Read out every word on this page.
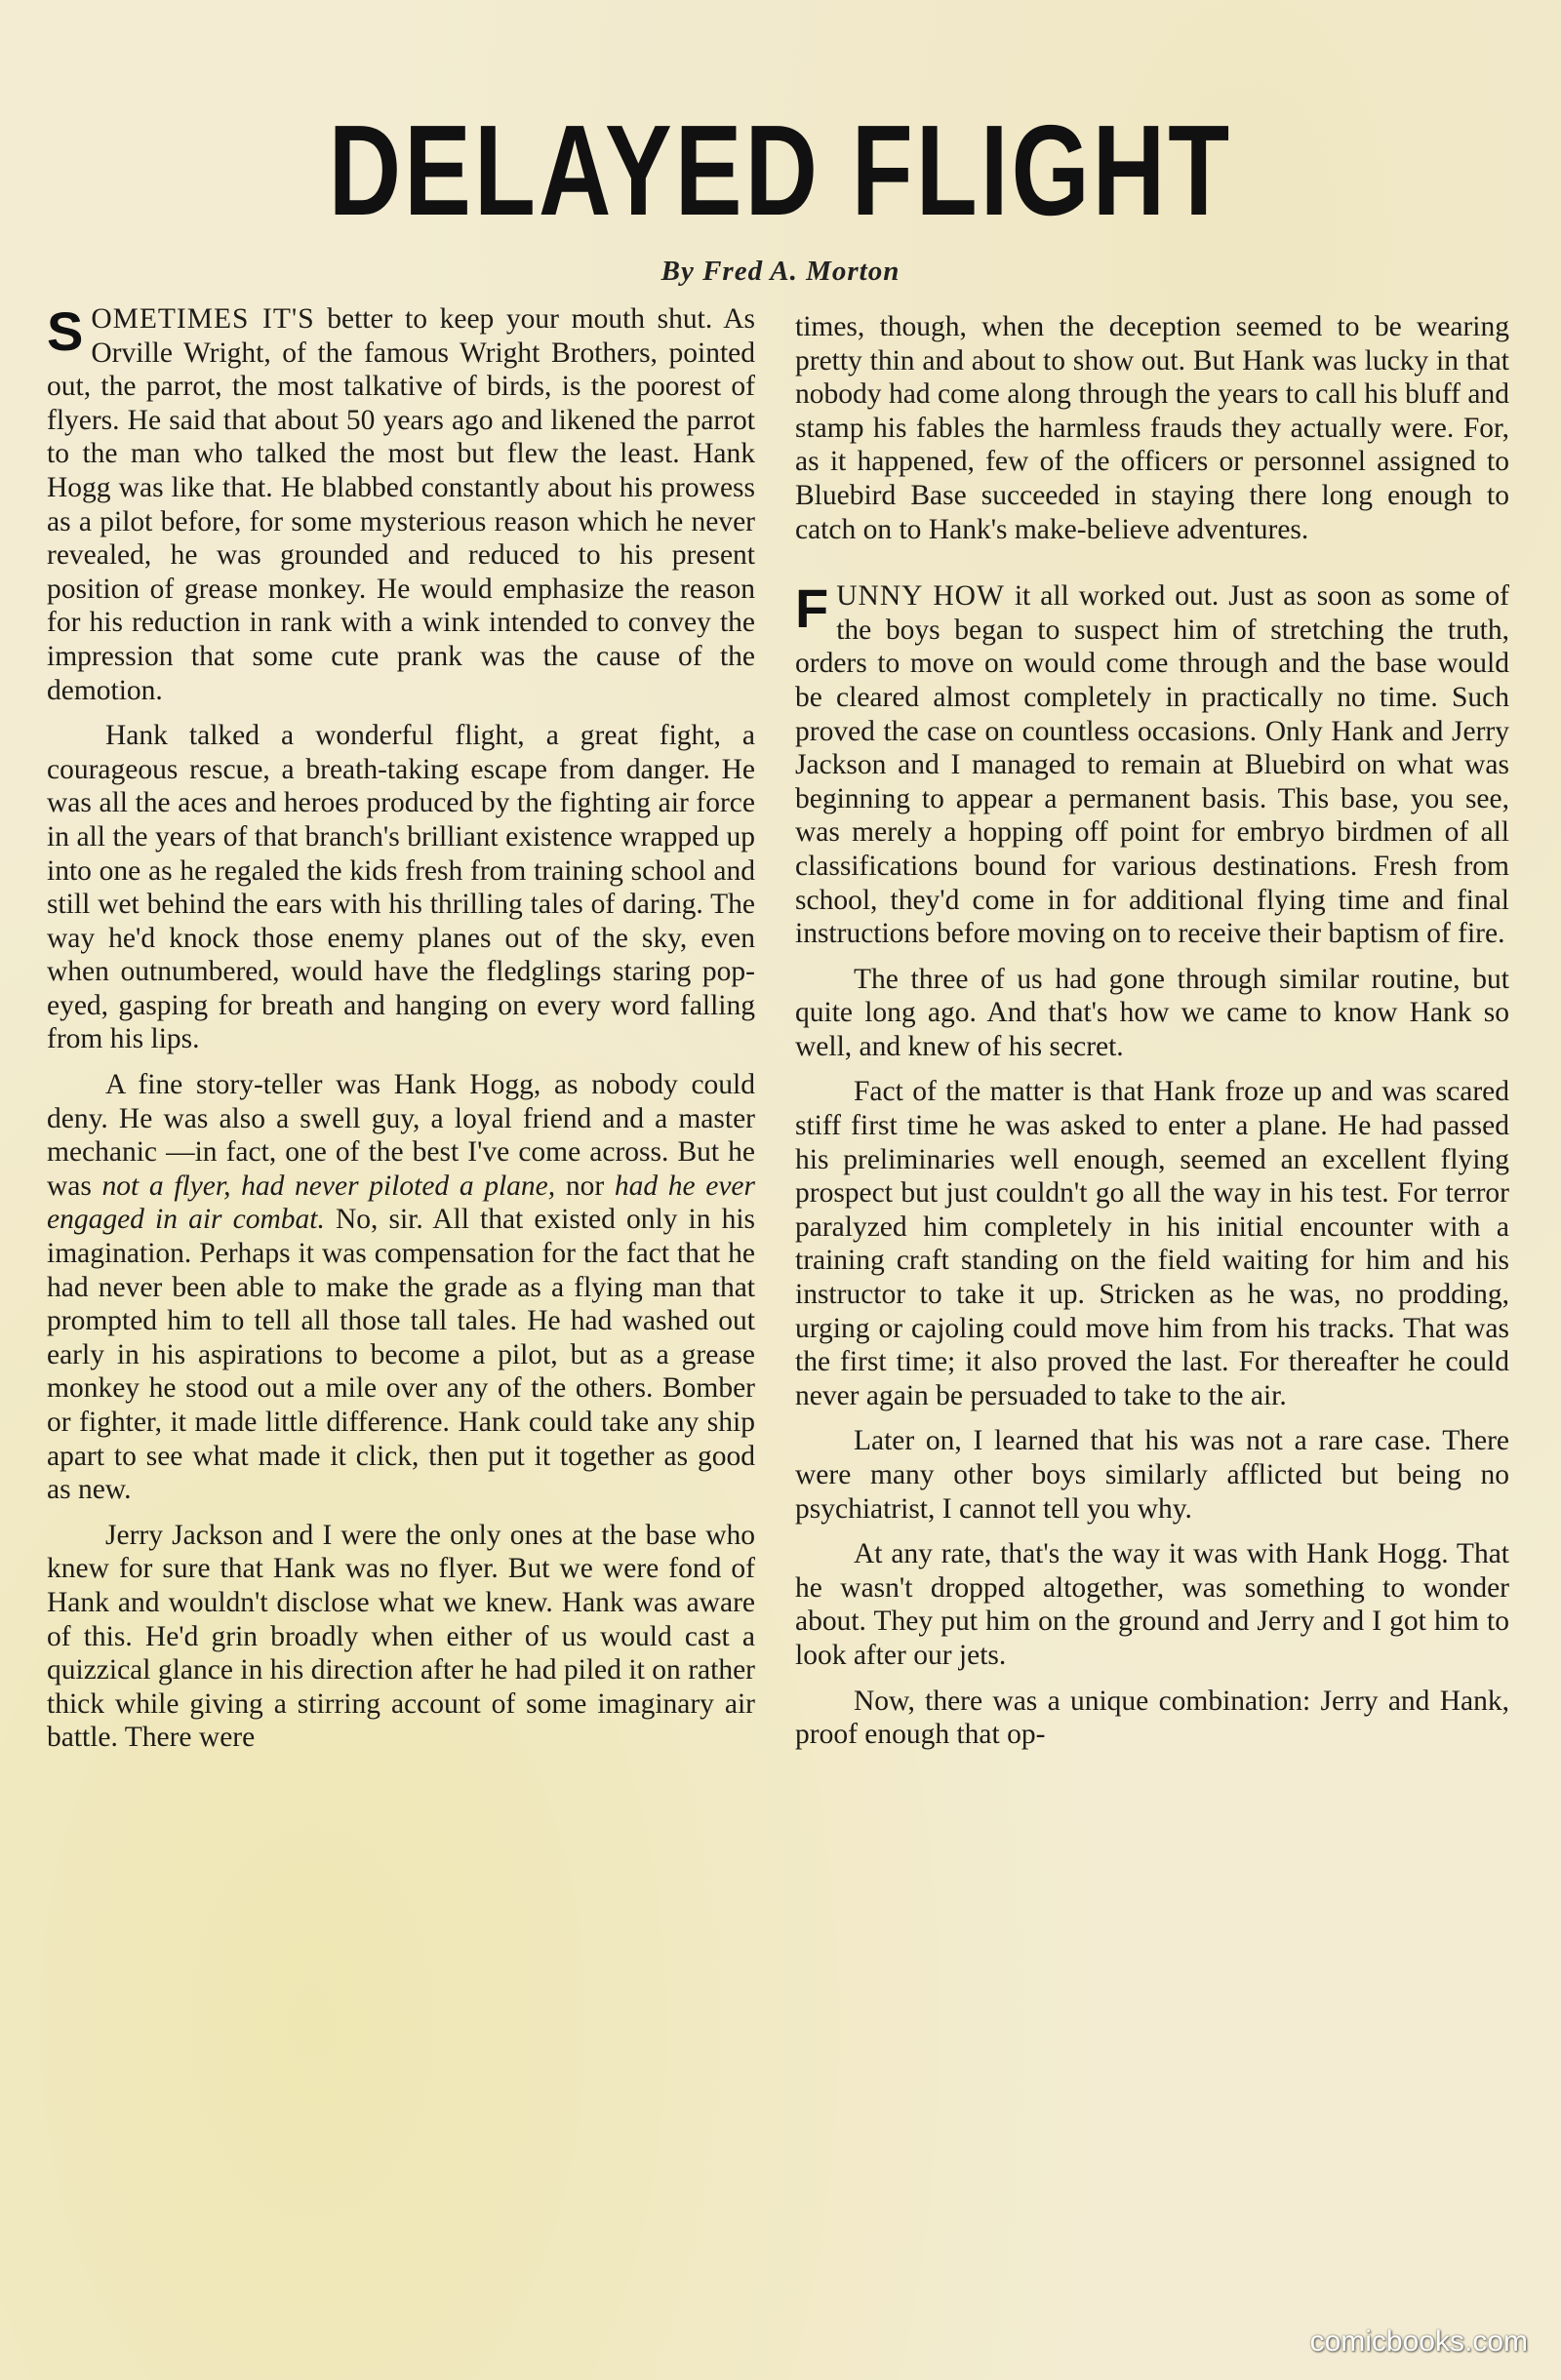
DELAYED FLIGHT
By Fred A. Morton

SOMETIMES IT'S better to keep your mouth shut. As Orville Wright, of the famous Wright Brothers, pointed out, the parrot, the most talkative of birds, is the poorest of flyers. He said that about 50 years ago and likened the parrot to the man who talked the most but flew the least. Hank Hogg was like that. He blabbed constantly about his prowess as a pilot before, for some mysterious reason which he never revealed, he was grounded and reduced to his present position of grease monkey. He would emphasize the reason for his reduction in rank with a wink intended to convey the impression that some cute prank was the cause of the demotion.

Hank talked a wonderful flight, a great fight, a courageous rescue, a breath-taking escape from danger. He was all the aces and heroes produced by the fighting air force in all the years of that branch's brilliant existence wrapped up into one as he regaled the kids fresh from training school and still wet behind the ears with his thrilling tales of daring. The way he'd knock those enemy planes out of the sky, even when outnumbered, would have the fledglings staring pop-eyed, gasping for breath and hanging on every word falling from his lips.

A fine story-teller was Hank Hogg, as nobody could deny. He was also a swell guy, a loyal friend and a master mechanic —in fact, one of the best I've come across. But he was not a flyer, had never piloted a plane, nor had he ever engaged in air combat. No, sir. All that existed only in his imagination. Perhaps it was compensation for the fact that he had never been able to make the grade as a flying man that prompted him to tell all those tall tales. He had washed out early in his aspirations to become a pilot, but as a grease monkey he stood out a mile over any of the others. Bomber or fighter, it made little difference. Hank could take any ship apart to see what made it click, then put it together as good as new.

Jerry Jackson and I were the only ones at the base who knew for sure that Hank was no flyer. But we were fond of Hank and wouldn't disclose what we knew. Hank was aware of this. He'd grin broadly when either of us would cast a quizzical glance in his direction after he had piled it on rather thick while giving a stirring account of some imaginary air battle. There were

times, though, when the deception seemed to be wearing pretty thin and about to show out. But Hank was lucky in that nobody had come along through the years to call his bluff and stamp his fables the harmless frauds they actually were. For, as it happened, few of the officers or personnel assigned to Bluebird Base succeeded in staying there long enough to catch on to Hank's make-believe adventures.

FUNNY HOW it all worked out. Just as soon as some of the boys began to suspect him of stretching the truth, orders to move on would come through and the base would be cleared almost completely in practically no time. Such proved the case on countless occasions. Only Hank and Jerry Jackson and I managed to remain at Bluebird on what was beginning to appear a permanent basis. This base, you see, was merely a hopping off point for embryo birdmen of all classifications bound for various destinations. Fresh from school, they'd come in for additional flying time and final instructions before moving on to receive their baptism of fire.

The three of us had gone through similar routine, but quite long ago. And that's how we came to know Hank so well, and knew of his secret.

Fact of the matter is that Hank froze up and was scared stiff first time he was asked to enter a plane. He had passed his preliminaries well enough, seemed an excellent flying prospect but just couldn't go all the way in his test. For terror paralyzed him completely in his initial encounter with a training craft standing on the field waiting for him and his instructor to take it up. Stricken as he was, no prodding, urging or cajoling could move him from his tracks. That was the first time; it also proved the last. For thereafter he could never again be persuaded to take to the air.

Later on, I learned that his was not a rare case. There were many other boys similarly afflicted but being no psychiatrist, I cannot tell you why.

At any rate, that's the way it was with Hank Hogg. That he wasn't dropped altogether, was something to wonder about. They put him on the ground and Jerry and I got him to look after our jets.

Now, there was a unique combination: Jerry and Hank, proof enough that op-

comicbooks.com
